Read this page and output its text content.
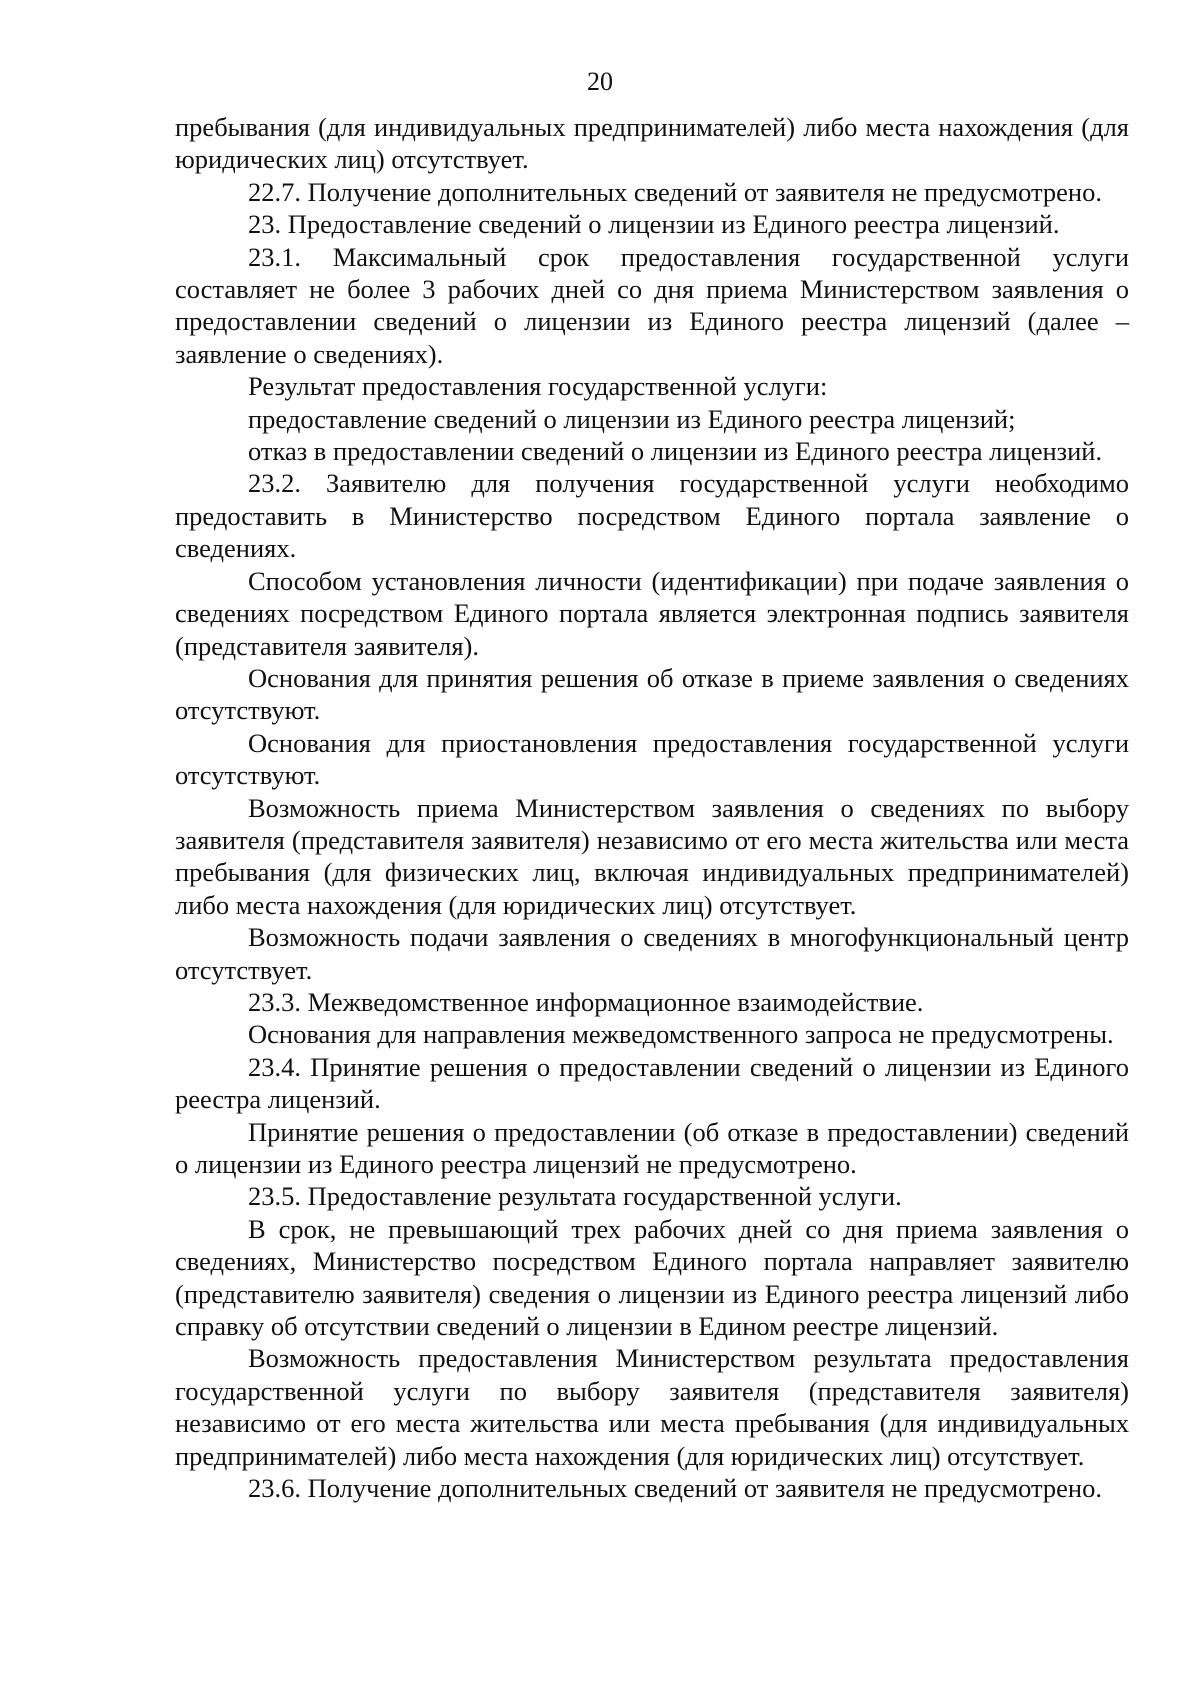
20

пребывания (для индивидуальных предпринимателей) либо места нахождения (для юридических лиц) отсутствует.

22.7. Получение дополнительных сведений от заявителя не предусмотрено.

23. Предоставление сведений о лицензии из Единого реестра лицензий.

23.1. Максимальный срок предоставления государственной услуги составляет не более 3 рабочих дней со дня приема Министерством заявления о предоставлении сведений о лицензии из Единого реестра лицензий (далее – заявление о сведениях).

Результат предоставления государственной услуги:

предоставление сведений о лицензии из Единого реестра лицензий;

отказ в предоставлении сведений о лицензии из Единого реестра лицензий.

23.2. Заявителю для получения государственной услуги необходимо предоставить в Министерство посредством Единого портала заявление о сведениях.

Способом установления личности (идентификации) при подаче заявления о сведениях посредством Единого портала является электронная подпись заявителя (представителя заявителя).

Основания для принятия решения об отказе в приеме заявления о сведениях отсутствуют.

Основания для приостановления предоставления государственной услуги отсутствуют.

Возможность приема Министерством заявления о сведениях по выбору заявителя (представителя заявителя) независимо от его места жительства или места пребывания (для физических лиц, включая индивидуальных предпринимателей) либо места нахождения (для юридических лиц) отсутствует.

Возможность подачи заявления о сведениях в многофункциональный центр отсутствует.

23.3. Межведомственное информационное взаимодействие.

Основания для направления межведомственного запроса не предусмотрены.

23.4. Принятие решения о предоставлении сведений о лицензии из Единого реестра лицензий.

Принятие решения о предоставлении (об отказе в предоставлении) сведений о лицензии из Единого реестра лицензий не предусмотрено.

23.5. Предоставление результата государственной услуги.

В срок, не превышающий трех рабочих дней со дня приема заявления о сведениях, Министерство посредством Единого портала направляет заявителю (представителю заявителя) сведения о лицензии из Единого реестра лицензий либо справку об отсутствии сведений о лицензии в Едином реестре лицензий.

Возможность предоставления Министерством результата предоставления государственной услуги по выбору заявителя (представителя заявителя) независимо от его места жительства или места пребывания (для индивидуальных предпринимателей) либо места нахождения (для юридических лиц) отсутствует.

23.6. Получение дополнительных сведений от заявителя не предусмотрено.
